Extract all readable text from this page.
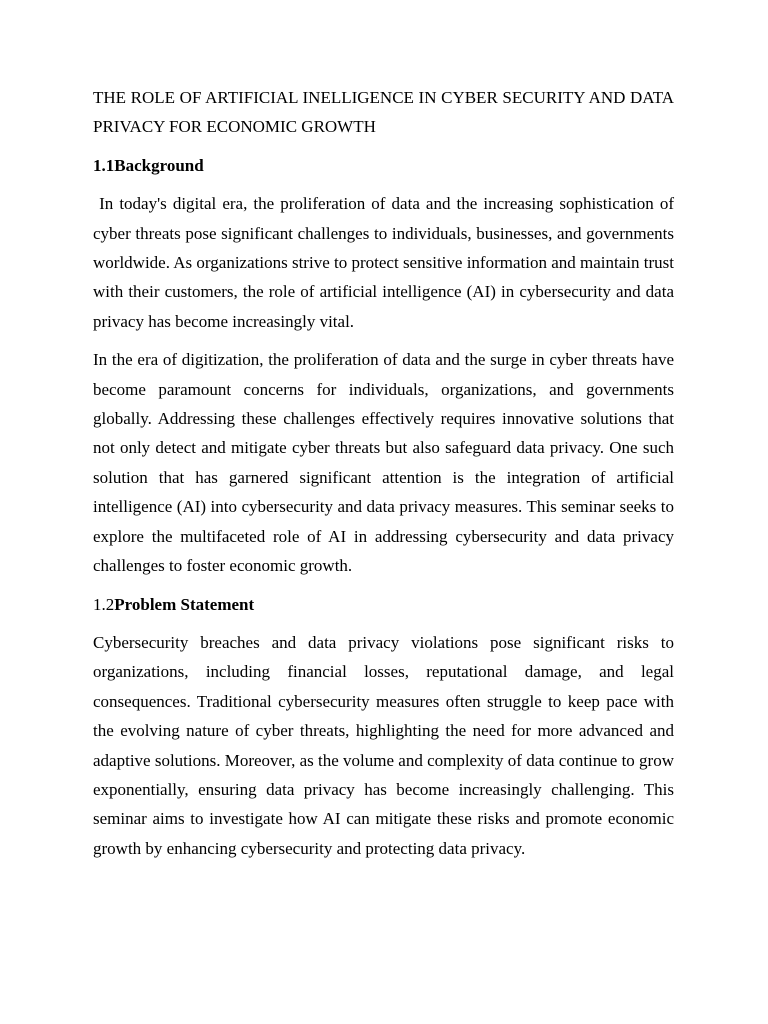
THE ROLE OF ARTIFICIAL INELLIGENCE IN CYBER SECURITY AND DATA PRIVACY FOR ECONOMIC GROWTH

1.1Background

In today's digital era, the proliferation of data and the increasing sophistication of cyber threats pose significant challenges to individuals, businesses, and governments worldwide. As organizations strive to protect sensitive information and maintain trust with their customers, the role of artificial intelligence (AI) in cybersecurity and data privacy has become increasingly vital.

In the era of digitization, the proliferation of data and the surge in cyber threats have become paramount concerns for individuals, organizations, and governments globally. Addressing these challenges effectively requires innovative solutions that not only detect and mitigate cyber threats but also safeguard data privacy. One such solution that has garnered significant attention is the integration of artificial intelligence (AI) into cybersecurity and data privacy measures. This seminar seeks to explore the multifaceted role of AI in addressing cybersecurity and data privacy challenges to foster economic growth.

1.2Problem Statement

Cybersecurity breaches and data privacy violations pose significant risks to organizations, including financial losses, reputational damage, and legal consequences. Traditional cybersecurity measures often struggle to keep pace with the evolving nature of cyber threats, highlighting the need for more advanced and adaptive solutions. Moreover, as the volume and complexity of data continue to grow exponentially, ensuring data privacy has become increasingly challenging. This seminar aims to investigate how AI can mitigate these risks and promote economic growth by enhancing cybersecurity and protecting data privacy.
